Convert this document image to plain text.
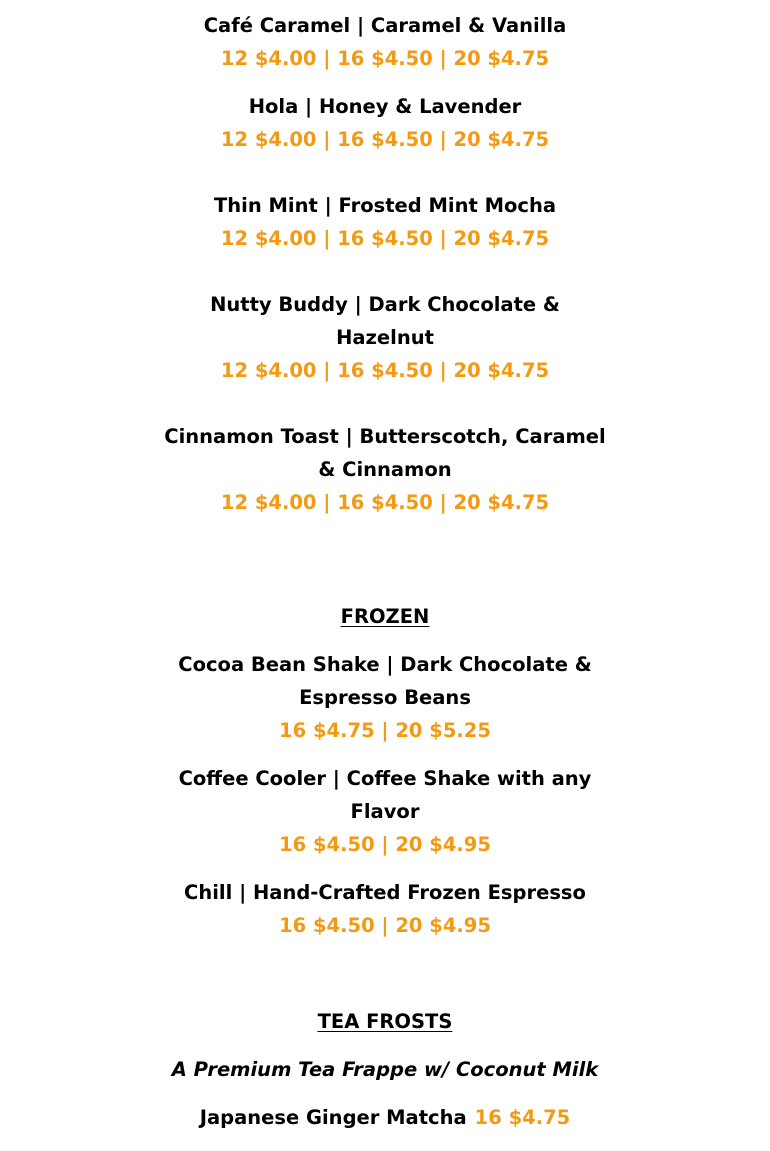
Café Caramel | Caramel & Vanilla
12 $4.00 | 16 $4.50 | 20 $4.75
Hola | Honey & Lavender
12 $4.00 | 16 $4.50 | 20 $4.75
Thin Mint | Frosted Mint Mocha
12 $4.00 | 16 $4.50 | 20 $4.75
Nutty Buddy | Dark Chocolate &
Hazelnut
12 $4.00 | 16 $4.50 | 20 $4.75
Cinnamon Toast | Butterscotch, Caramel
& Cinnamon
12 $4.00 | 16 $4.50 | 20 $4.75
FROZEN
Cocoa Bean Shake | Dark Chocolate &
Espresso Beans
16 $4.75 | 20 $5.25
Coffee Cooler | Coffee Shake with any
Flavor
16 $4.50 | 20 $4.95
Chill | Hand-Crafted Frozen Espresso
16 $4.50 | 20 $4.95
TEA FROSTS
A Premium Tea Frappe w/ Coconut Milk
Japanese Ginger Matcha 16 $4.75
